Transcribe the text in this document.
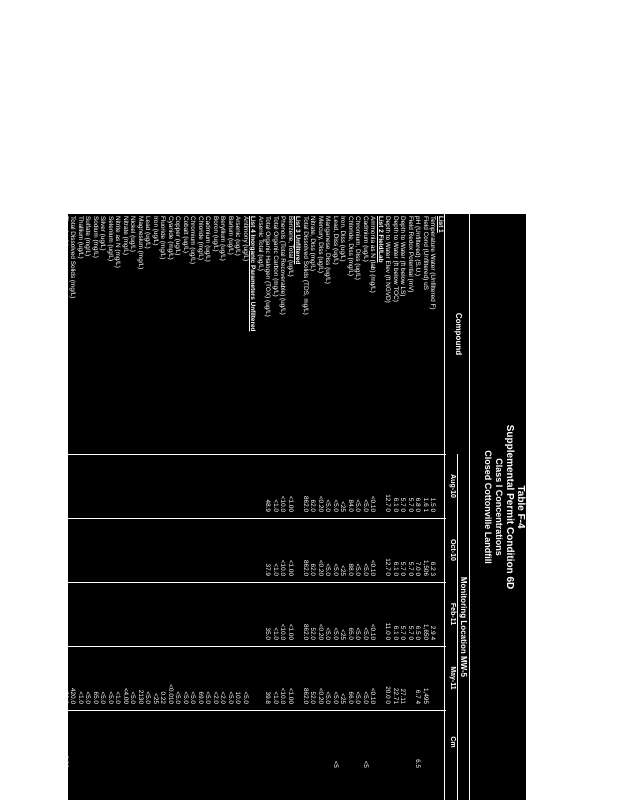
Table F-4
Supplemental Permit Condition 6D
Class I Concentrations
Closed Cottonville Landfill
Compound
Monitoring Location MW-5
Aug-10
Oct-10
Feb-11
May-11
Cm
List 1
Temperature Water (Unfiltered F)
1.5 0
6.2 3
2.9 4
Field Cond (Unfiltered) uS
1.6 1
1,506
1,650
1,495
pH (Unfiltered) (S.U.)
6.8 0
7.0 0
6.5 0
6.7 4
6.5
Field Redox Potential (mV)
5.7 0
5.7 0
5.7 0
Depth to Water (ft below LS)
5.7 0
5.7 0
5.7 0
27.11
Depth to Water (ft below TOC)
6.1 0
6.1 0
6.1 0
22.71
Depth to Water Elev (ft NGVD)
12.7 0
12.7 0
11.0 0
20.0 0
List 2 Field/Lab
Ammonia as N (lab) (mg/L)
<0.10
<0.10
<0.10
<0.10
Cadmium (ug/L)
<5.0
<5.0
<5.0
<5.0
<5
Chromium, Diss (ug/L)
<5.0
<5.0
<5.0
<5.0
Chloride, Diss (mg/L)
84.0
88.0
65.0
66.0
Iron, Diss (ug/L)
<25
<25
<25
<25
Lead, Diss (ug/L)
<5.0
<5.0
<5.0
<5.0
<5
Manganese, Diss (ug/L)
<5.0
<5.0
<5.0
<5.0
Mercury, Diss (ug/L)
<0.20
<0.20
<0.20
<0.20
Nitrate, Diss (mg/L)
62.0
62.0
52.0
52.0
Total Dissolved Solids (TDS, mg/L)
862.0
862.0
862.0
862.0
List 3 Unfiltered
Benzene, Total (ug/L)
<1.00
<1.00
<1.00
<1.00
Phenols (Total Recoverable) (ug/L)
<10.0
<10.0
<10.0
<10.0
Total Organic Carbon (mg/L)
<1.0
<1.0
<1.0
<1.0
Total Organic Halogen (TOX) (ug/L)
48.9
37.9
35.0
39.8
Arsenic Total (ug/L)
List 4 Inorganic Parameters Unfiltered
Antimony (ug/L)
<5.0
Arsenic (ug/L)
10.0
Barium (ug/L)
<5.0
Beryllium (ug/L)
<2.0
Boron (ug/L)
<2.0
Cadmium (ug/L)
<5.0
Chloride (mg/L)
69.0
Chromium (ug/L)
<5.0
Cobalt (ug/L)
<5.0
Copper (ug/L)
<5.0
Cyanide (mg/L)
<0.010
Fluoride (mg/L)
0.22
Iron (ug/L)
<25
Lead (ug/L)
<5.0
Magnesium (mg/L)
2130
Nickel (ug/L)
<5.0
Nitrate (mg/L)
<4.00
Nitrite as N (mg/L)
<1.0
Selenium (ug/L)
<5.0
Silver (ug/L)
<5.0
Sodium (mg/L)
65.0
Sulfate (mg/L)
<5.0
Thallium (ug/L)
<1.0
Total Dissolved Solids (mg/L)
420.0
Zinc (ug/L)
<20.0
0.00
